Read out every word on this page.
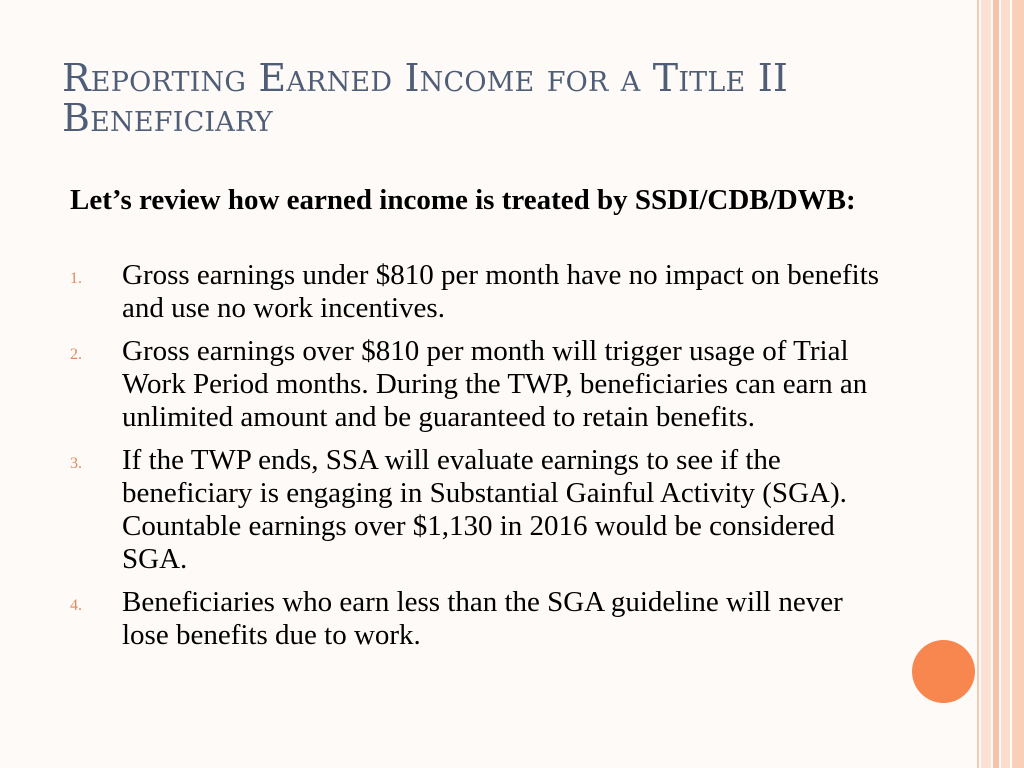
Reporting Earned Income for a Title II Beneficiary
Let’s review how earned income is treated by SSDI/CDB/DWB:
1.	Gross earnings under $810 per month have no impact on benefits and use no work incentives.
2.	Gross earnings over $810 per month will trigger usage of Trial Work Period months. During the TWP, beneficiaries can earn an unlimited amount and be guaranteed to retain benefits.
3.	If the TWP ends, SSA will evaluate earnings to see if the beneficiary is engaging in Substantial Gainful Activity (SGA). Countable earnings over $1,130 in 2016 would be considered SGA.
4.	Beneficiaries who earn less than the SGA guideline will never lose benefits due to work.
